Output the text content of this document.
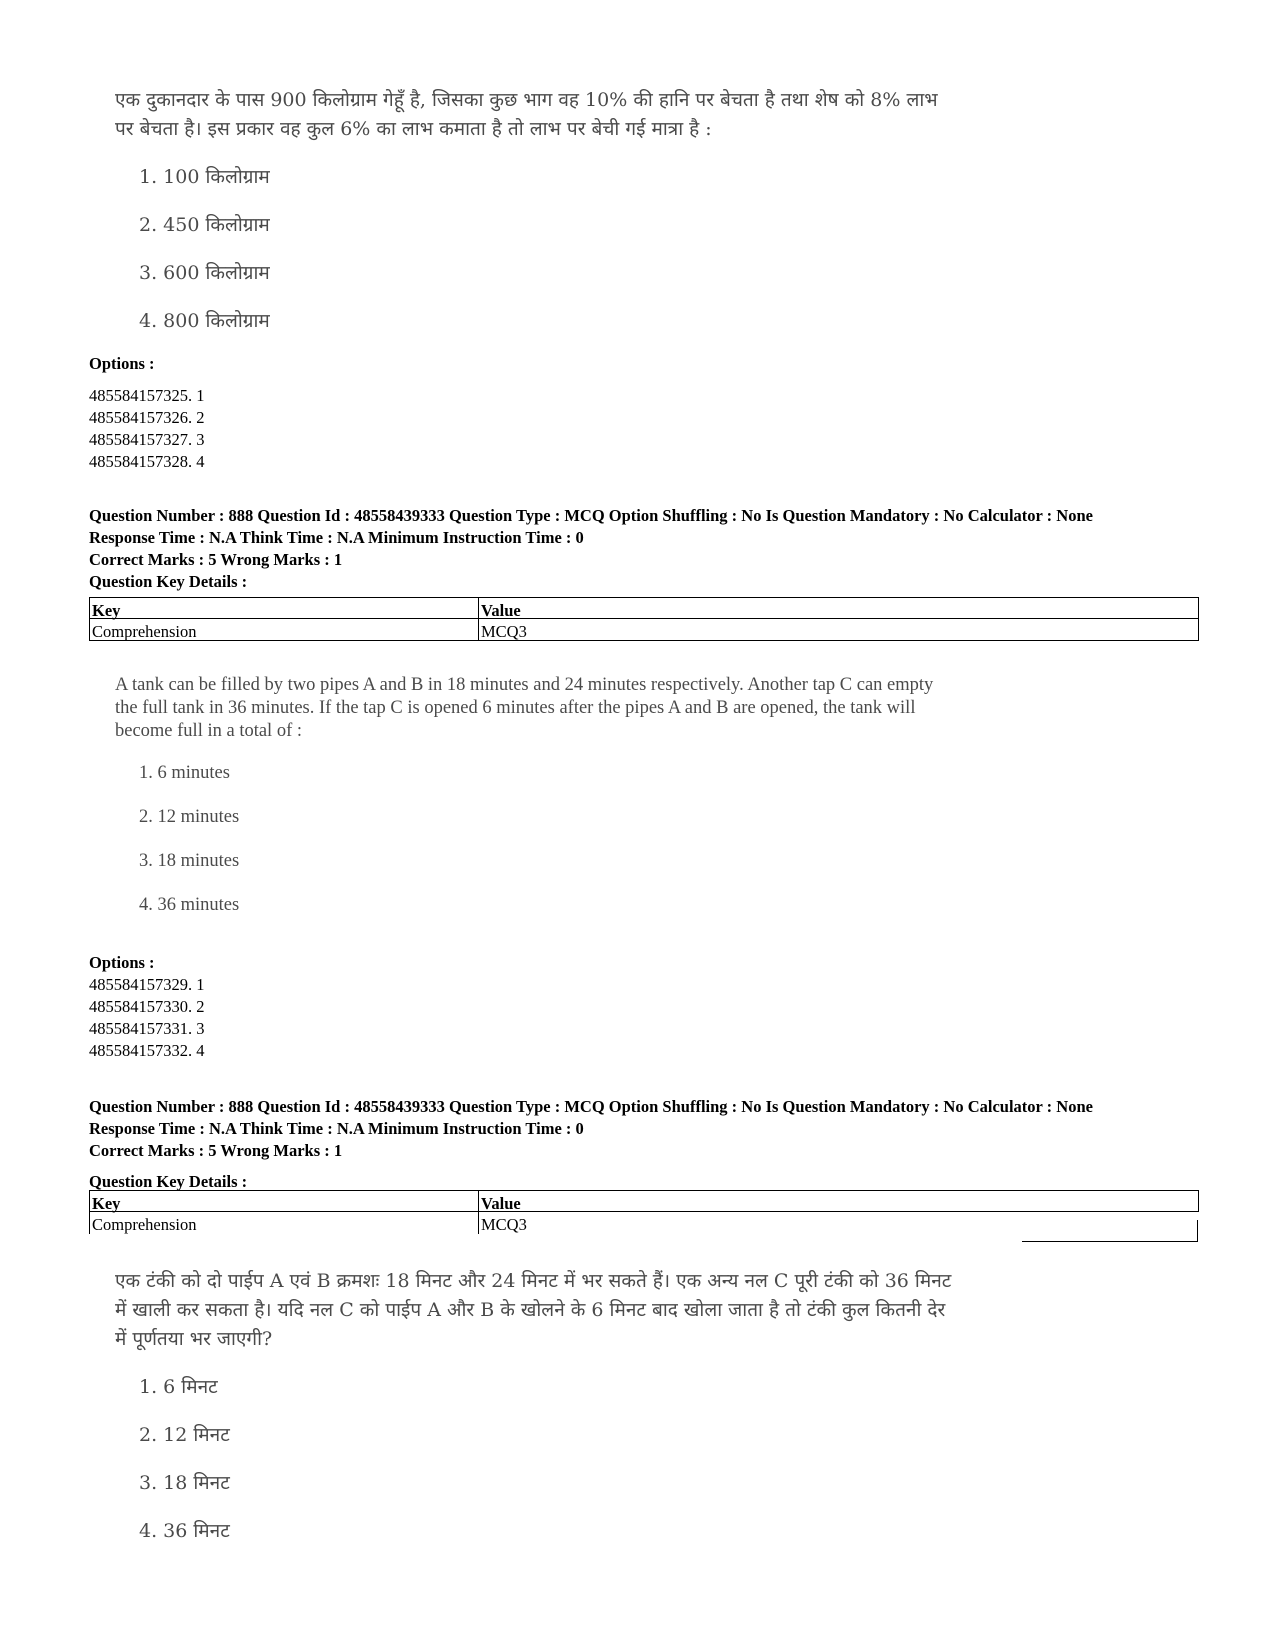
एक दुकानदार के पास 900 किलोग्राम गेहूँ है, जिसका कुछ भाग वह 10% की हानि पर बेचता है तथा शेष को 8% लाभ
पर बेचता है। इस प्रकार वह कुल 6% का लाभ कमाता है तो लाभ पर बेची गई मात्रा है :
1. 100 किलोग्राम
2. 450 किलोग्राम
3. 600 किलोग्राम
4. 800 किलोग्राम
Options :
485584157325. 1
485584157326. 2
485584157327. 3
485584157328. 4
Question Number : 888 Question Id : 48558439333 Question Type : MCQ Option Shuffling : No Is Question Mandatory : No Calculator : None
Response Time : N.A Think Time : N.A Minimum Instruction Time : 0
Correct Marks : 5 Wrong Marks : 1
Question Key Details :
Key	Value
Comprehension	MCQ3
A tank can be filled by two pipes A and B in 18 minutes and 24 minutes respectively. Another tap C can empty
the full tank in 36 minutes. If the tap C is opened 6 minutes after the pipes A and B are opened, the tank will
become full in a total of :
1. 6 minutes
2. 12 minutes
3. 18 minutes
4. 36 minutes
Options :
485584157329. 1
485584157330. 2
485584157331. 3
485584157332. 4
Question Number : 888 Question Id : 48558439333 Question Type : MCQ Option Shuffling : No Is Question Mandatory : No Calculator : None
Response Time : N.A Think Time : N.A Minimum Instruction Time : 0
Correct Marks : 5 Wrong Marks : 1
Question Key Details :
Key	Value
Comprehension	MCQ3
एक टंकी को दो पाईप A एवं B क्रमशः 18 मिनट और 24 मिनट में भर सकते हैं। एक अन्य नल C पूरी टंकी को 36 मिनट
में खाली कर सकता है। यदि नल C को पाईप A और B के खोलने के 6 मिनट बाद खोला जाता है तो टंकी कुल कितनी देर
में पूर्णतया भर जाएगी?
1. 6 मिनट
2. 12 मिनट
3. 18 मिनट
4. 36 मिनट
